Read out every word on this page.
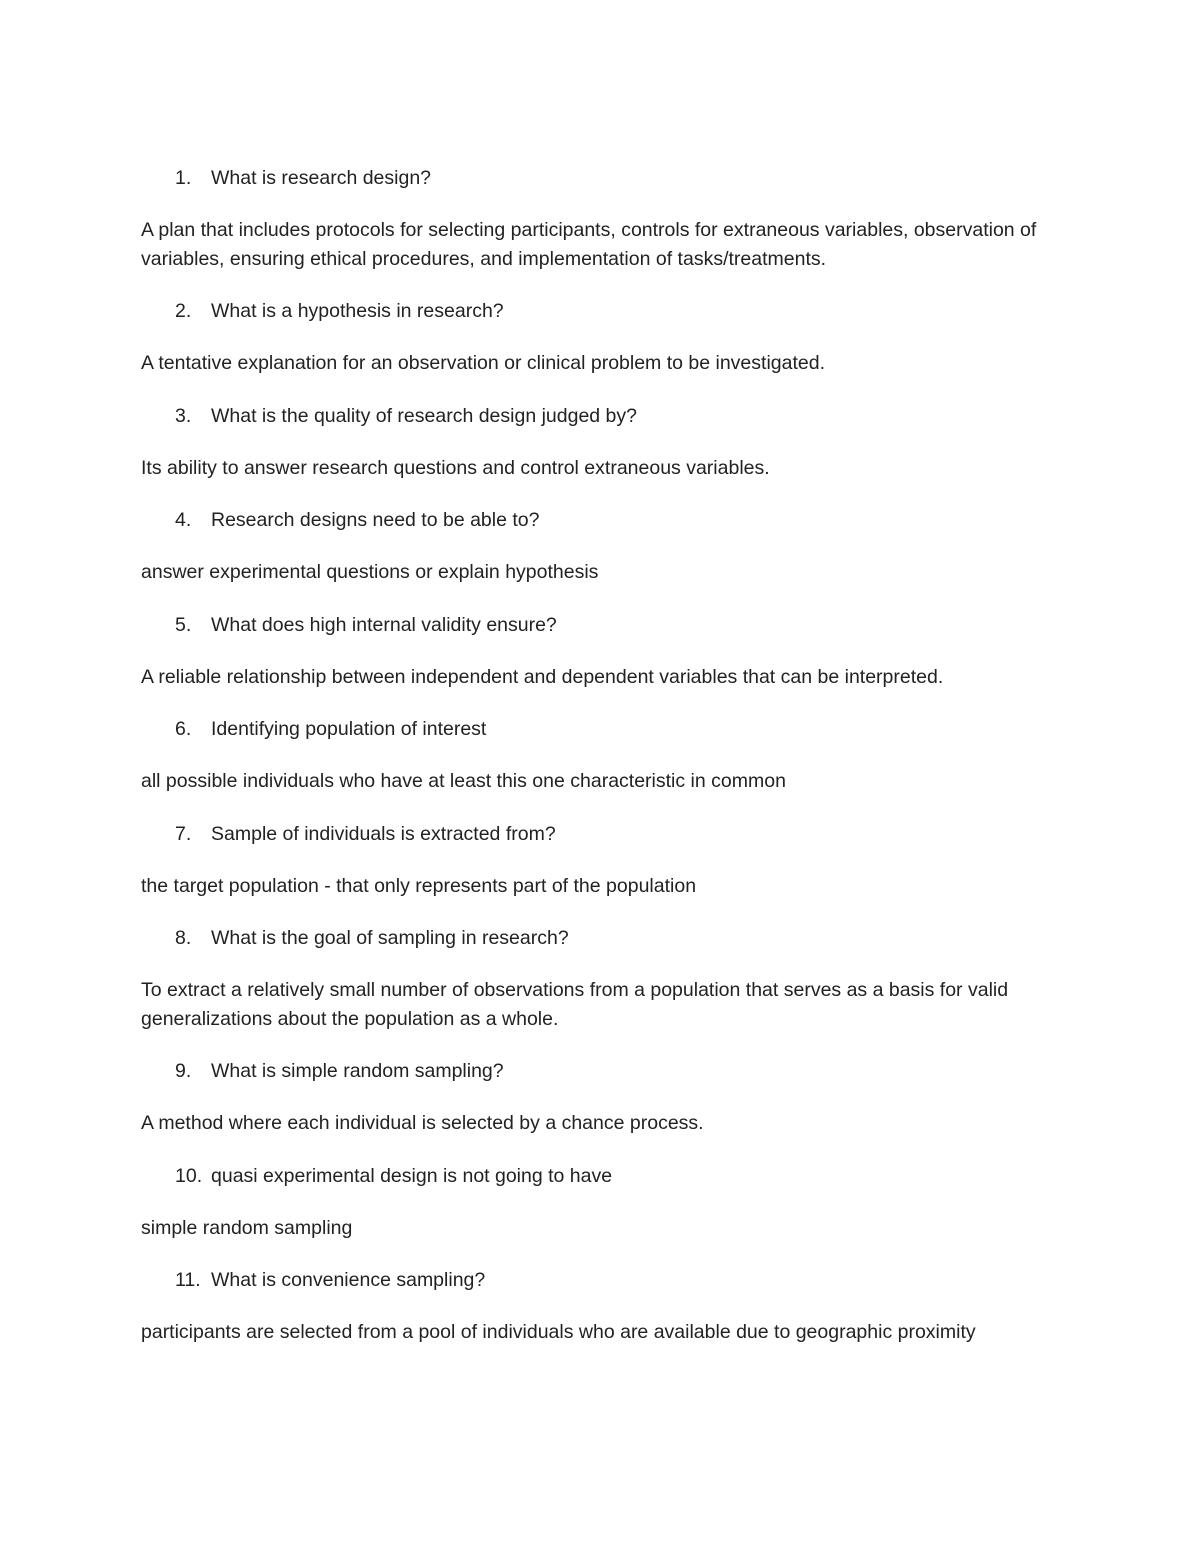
1.	What is research design?
A plan that includes protocols for selecting participants, controls for extraneous variables, observation of variables, ensuring ethical procedures, and implementation of tasks/treatments.
2.	What is a hypothesis in research?
A tentative explanation for an observation or clinical problem to be investigated.
3.	What is the quality of research design judged by?
Its ability to answer research questions and control extraneous variables.
4.	Research designs need to be able to?
answer experimental questions or explain hypothesis
5.	What does high internal validity ensure?
A reliable relationship between independent and dependent variables that can be interpreted.
6.	Identifying population of interest
all possible individuals who have at least this one characteristic in common
7.	Sample of individuals is extracted from?
the target population - that only represents part of the population
8.	What is the goal of sampling in research?
To extract a relatively small number of observations from a population that serves as a basis for valid generalizations about the population as a whole.
9.	What is simple random sampling?
A method where each individual is selected by a chance process.
10. quasi experimental design is not going to have
simple random sampling
11. What is convenience sampling?
participants are selected from a pool of individuals who are available due to geographic proximity
